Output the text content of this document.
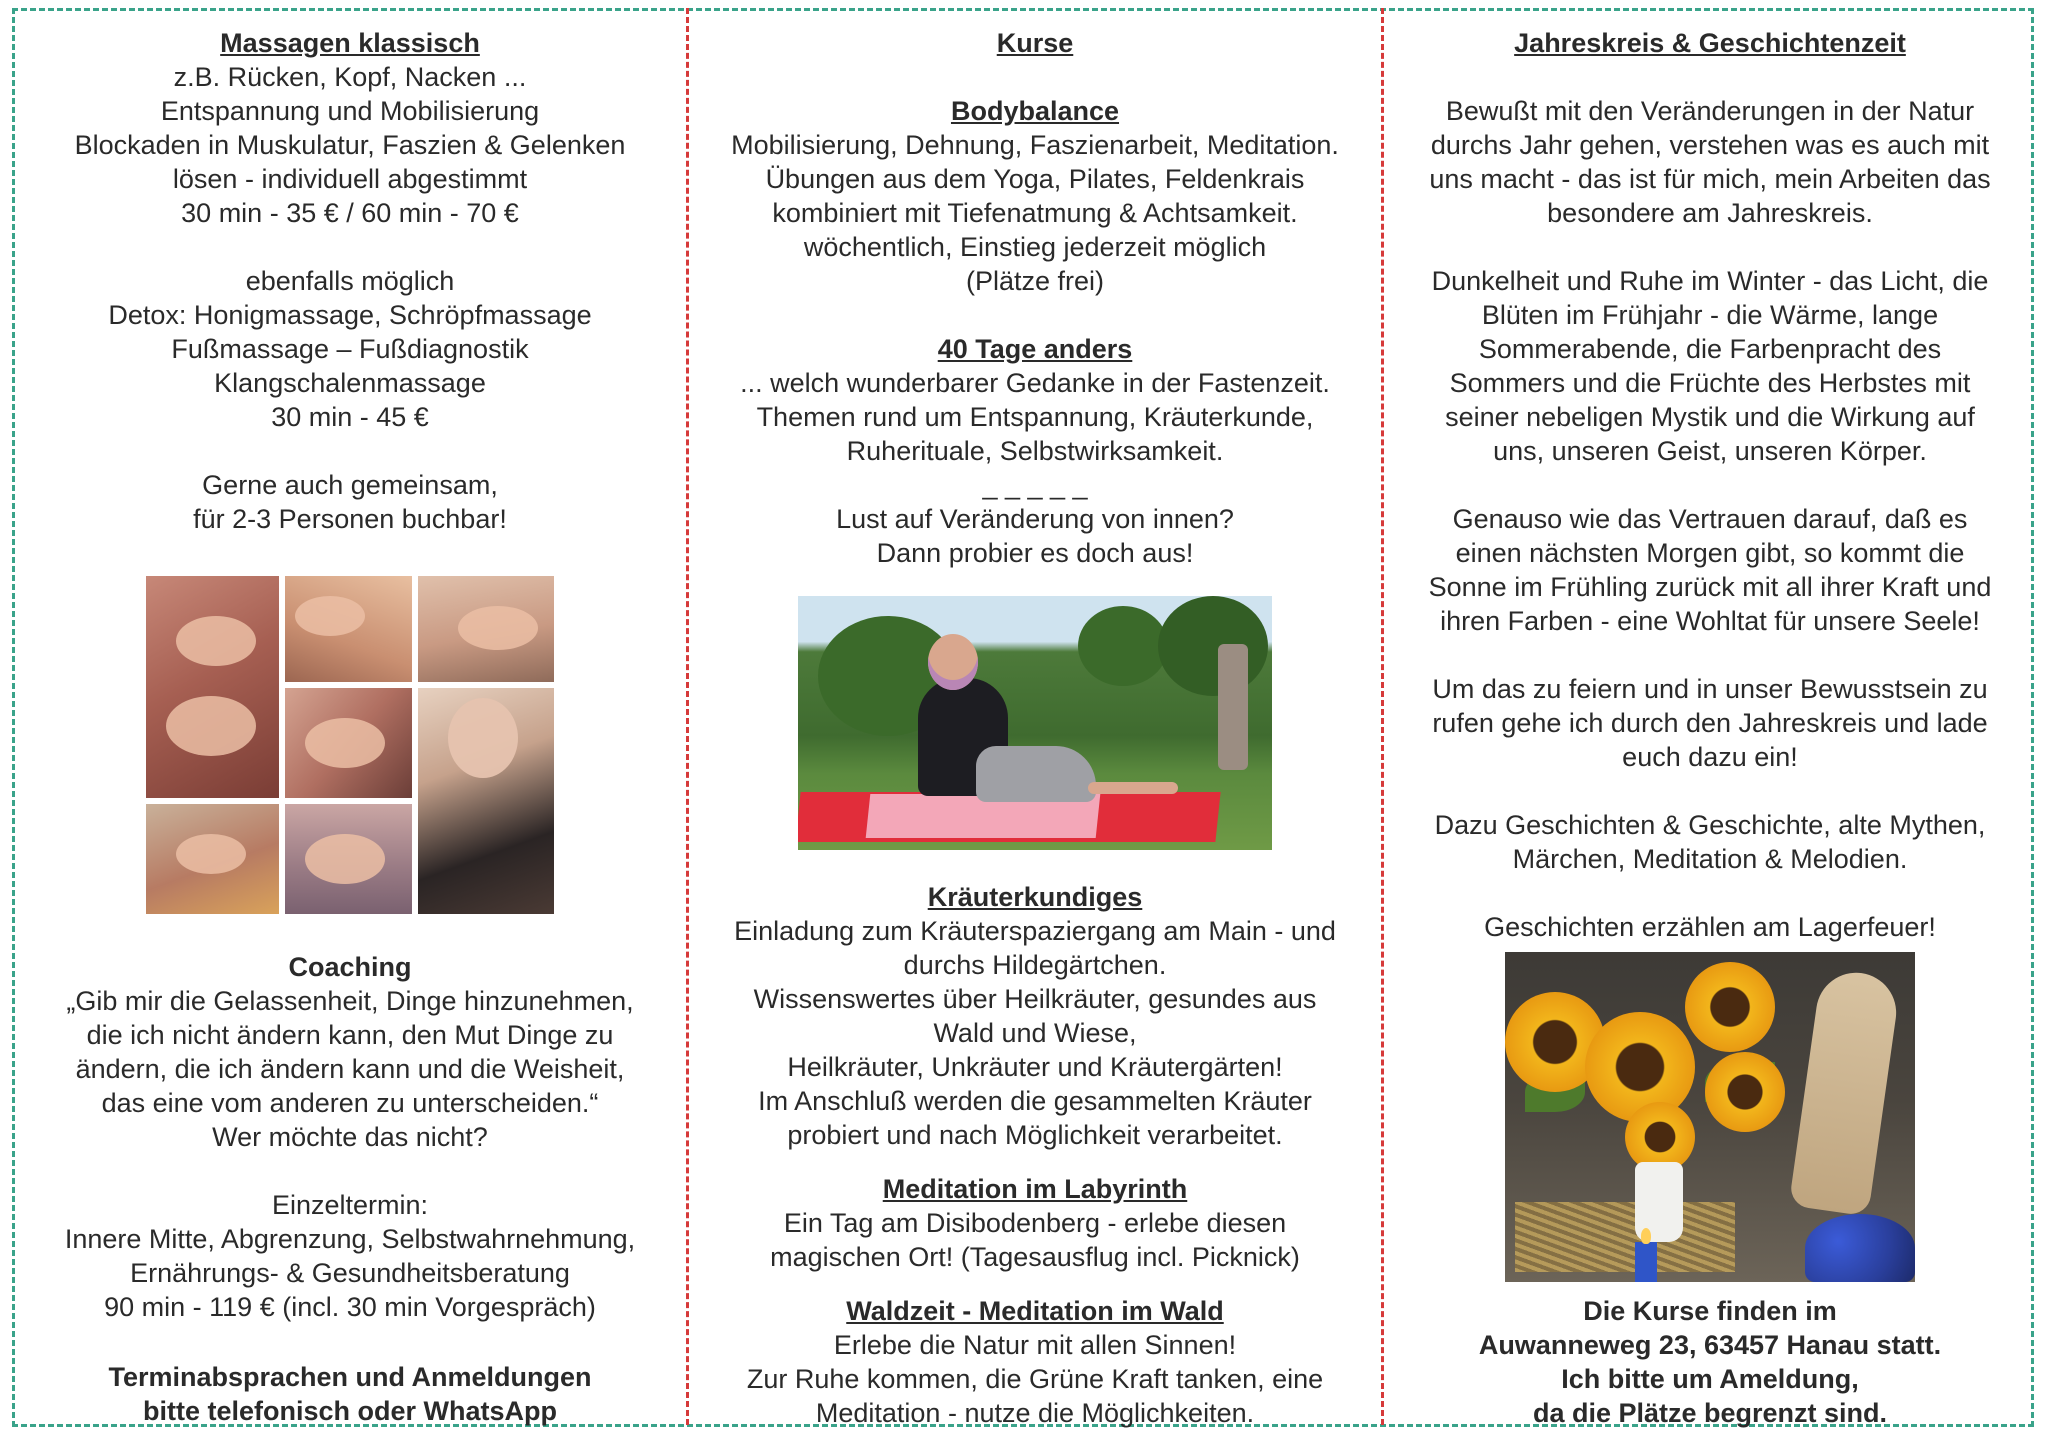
Massagen klassisch
z.B. Rücken, Kopf, Nacken ...
Entspannung und Mobilisierung
Blockaden in Muskulatur, Faszien & Gelenken
lösen - individuell abgestimmt
30 min - 35 € / 60 min - 70 €
ebenfalls möglich
Detox: Honigmassage, Schröpfmassage
Fußmassage – Fußdiagnostik
Klangschalenmassage
30 min - 45 €
Gerne auch gemeinsam,
für 2-3 Personen buchbar!
Coaching
„Gib mir die Gelassenheit, Dinge hinzunehmen,
die ich nicht ändern kann, den Mut Dinge zu
ändern, die ich ändern kann und die Weisheit,
das eine vom anderen zu unterscheiden.“
Wer möchte das nicht?
Einzeltermin:
Innere Mitte, Abgrenzung, Selbstwahrnehmung,
Ernährungs- & Gesundheitsberatung
90 min - 119 € (incl. 30 min Vorgespräch)
Terminabsprachen und Anmeldungen
bitte telefonisch oder WhatsApp
Kurse
Bodybalance
Mobilisierung, Dehnung, Faszienarbeit, Meditation.
Übungen aus dem Yoga, Pilates, Feldenkrais
kombiniert mit Tiefenatmung & Achtsamkeit.
wöchentlich, Einstieg jederzeit möglich
(Plätze frei)
40 Tage anders
... welch wunderbarer Gedanke in der Fastenzeit.
Themen rund um Entspannung, Kräuterkunde,
Ruherituale, Selbstwirksamkeit.
_ _ _ _ _
Lust auf Veränderung von innen?
Dann probier es doch aus!
Kräuterkundiges
Einladung zum Kräuterspaziergang am Main - und
durchs Hildegärtchen.
Wissenswertes über Heilkräuter, gesundes aus
Wald und Wiese,
Heilkräuter, Unkräuter und Kräutergärten!
Im Anschluß werden die gesammelten Kräuter
probiert und nach Möglichkeit verarbeitet.
Meditation im Labyrinth
Ein Tag am Disibodenberg - erlebe diesen
magischen Ort! (Tagesausflug incl. Picknick)
Waldzeit - Meditation im Wald
Erlebe die Natur mit allen Sinnen!
Zur Ruhe kommen, die Grüne Kraft tanken, eine
Meditation - nutze die Möglichkeiten.
Jahreskreis & Geschichtenzeit
Bewußt mit den Veränderungen in der Natur
durchs Jahr gehen, verstehen was es auch mit
uns macht - das ist für mich, mein Arbeiten das
besondere am Jahreskreis.
Dunkelheit und Ruhe im Winter - das Licht, die
Blüten im Frühjahr - die Wärme, lange
Sommerabende, die Farbenpracht des
Sommers und die Früchte des Herbstes mit
seiner nebeligen Mystik und die Wirkung auf
uns, unseren Geist, unseren Körper.
Genauso wie das Vertrauen darauf, daß es
einen nächsten Morgen gibt, so kommt die
Sonne im Frühling zurück mit all ihrer Kraft und
ihren Farben - eine Wohltat für unsere Seele!
Um das zu feiern und in unser Bewusstsein zu
rufen gehe ich durch den Jahreskreis und lade
euch dazu ein!
Dazu Geschichten & Geschichte, alte Mythen,
Märchen, Meditation & Melodien.
Geschichten erzählen am Lagerfeuer!
Die Kurse finden im
Auwanneweg 23, 63457 Hanau statt.
Ich bitte um Ameldung,
da die Plätze begrenzt sind.
